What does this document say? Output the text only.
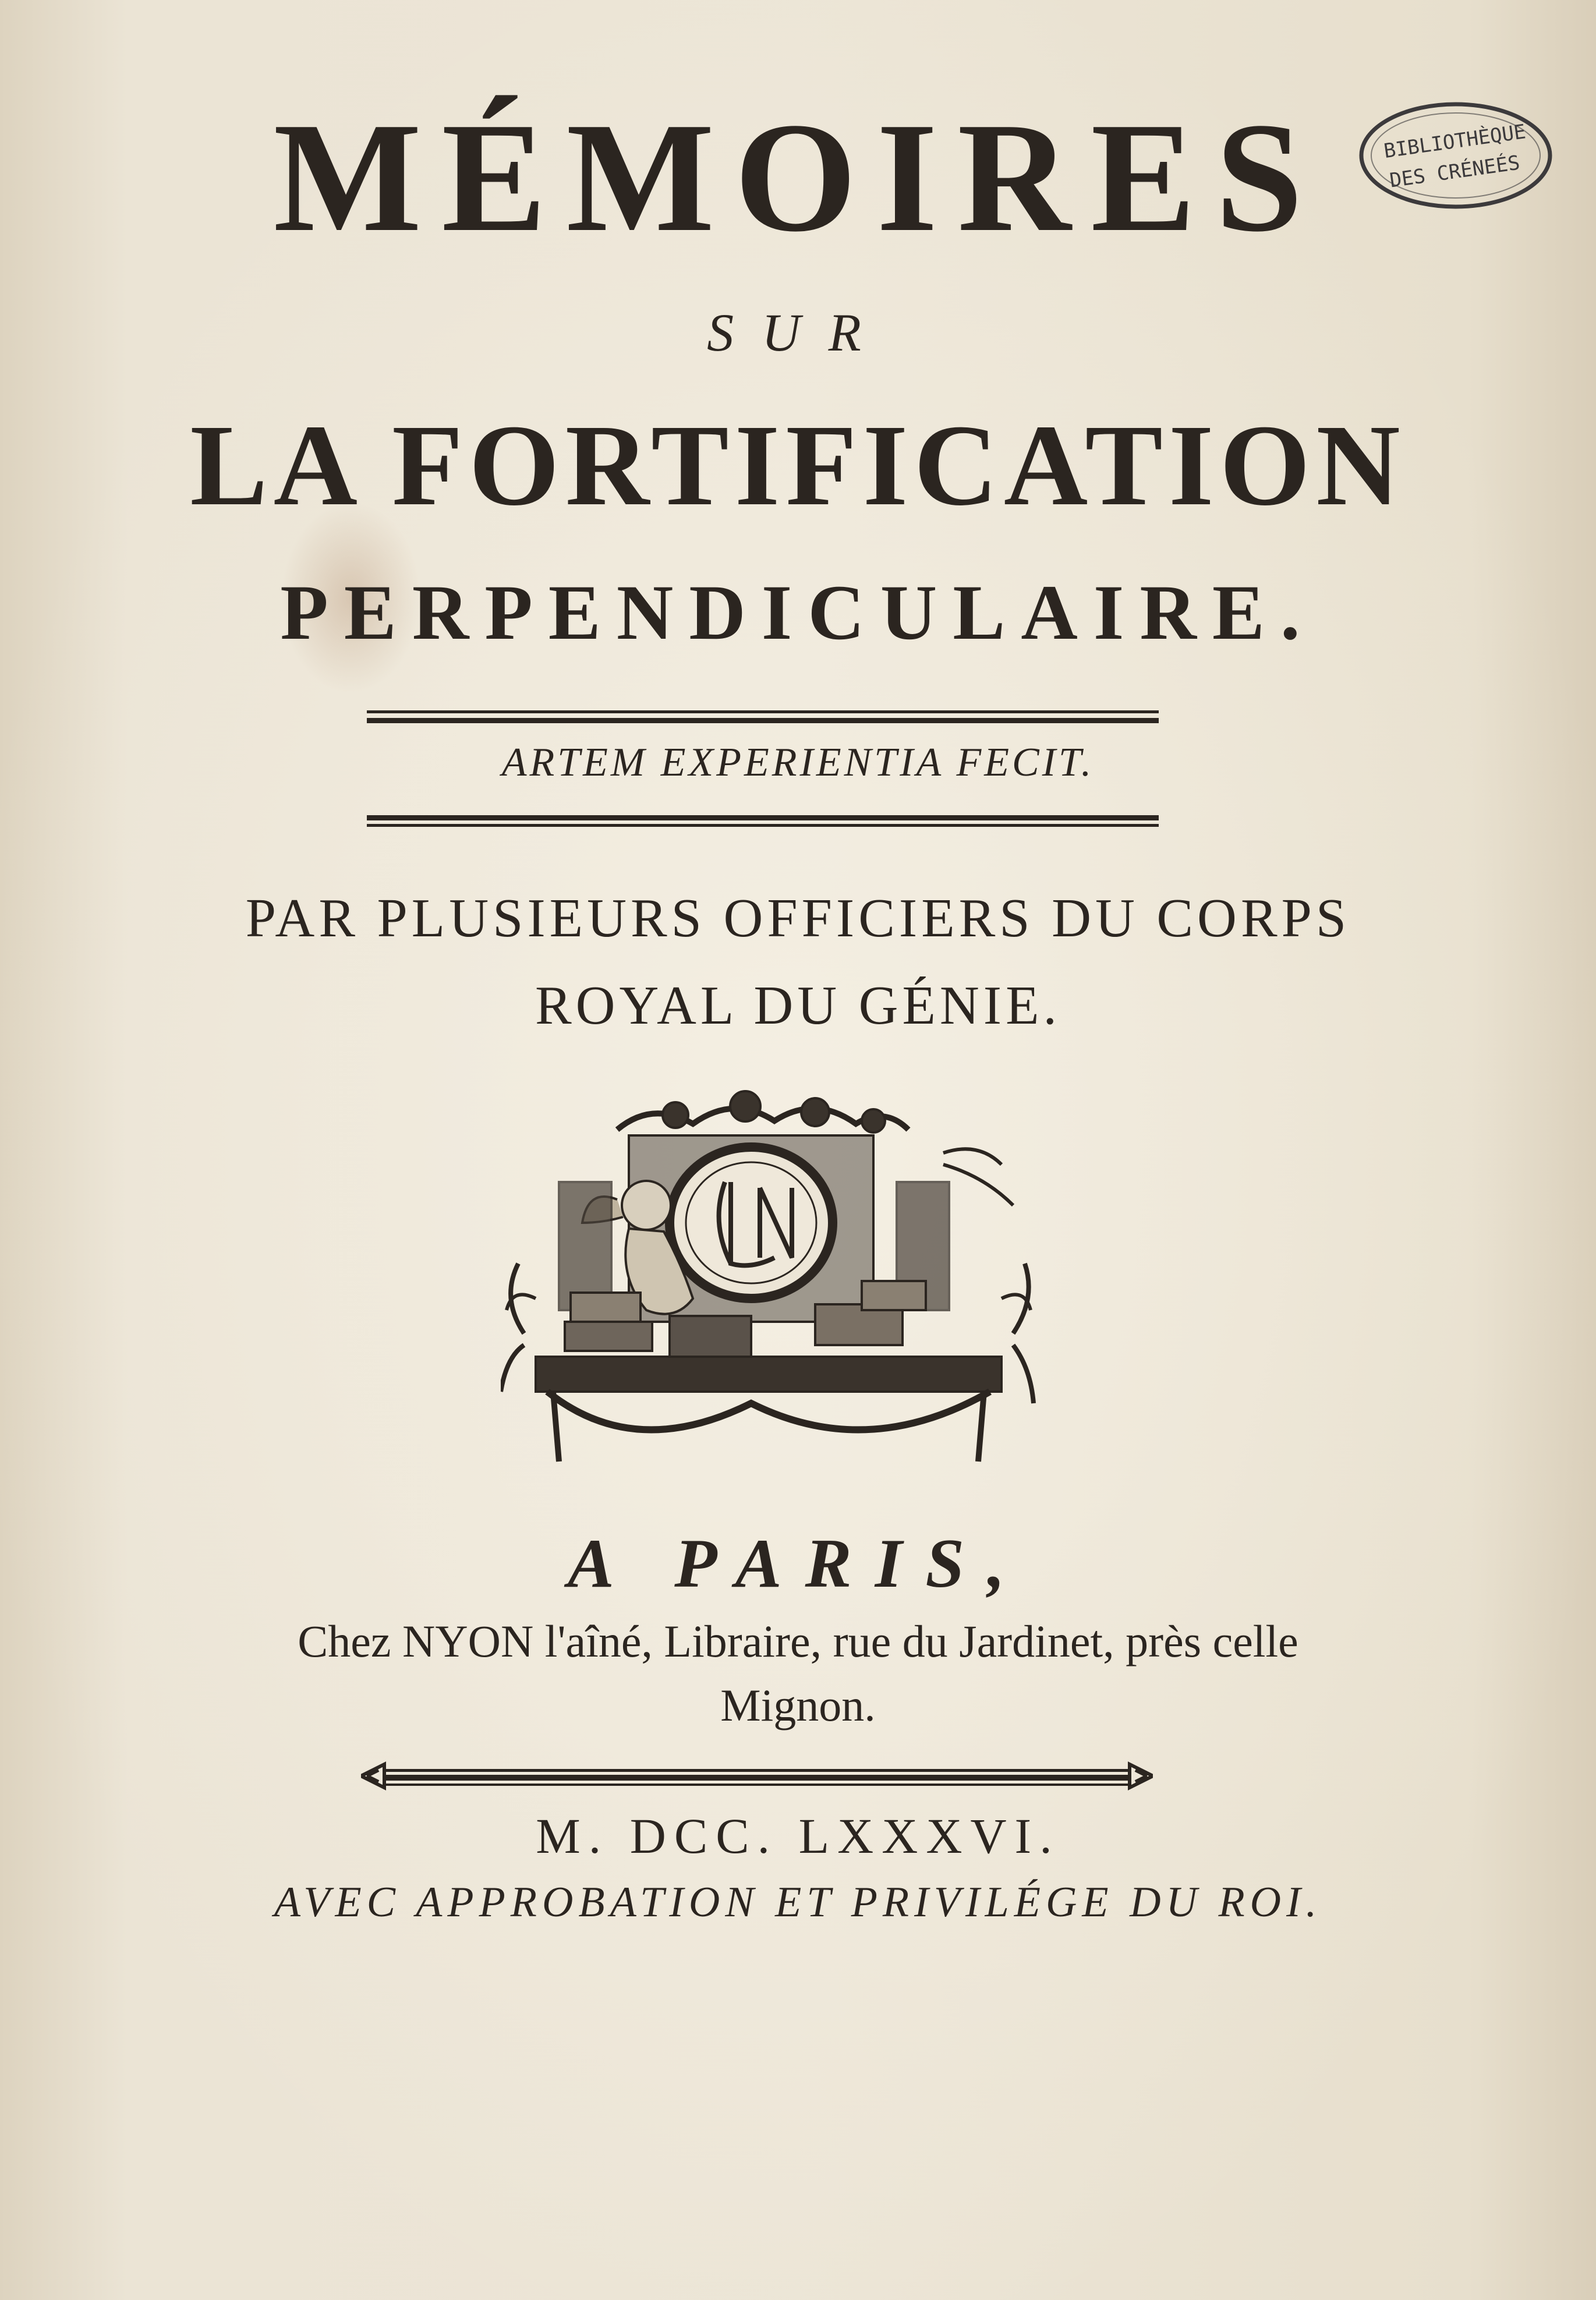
BIBLIOTHÈQUE
DES CRÉNEÉS
MÉMOIRES
SUR
LA FORTIFICATION
PERPENDICULAIRE.
ARTEM EXPERIENTIA FECIT.
PAR PLUSIEURS OFFICIERS DU CORPS
ROYAL DU GÉNIE.
A PARIS,
Chez NYON l'aîné, Libraire, rue du Jardinet, près celle
Mignon.
M. DCC. LXXXVI.
AVEC APPROBATION ET PRIVILÉGE DU ROI.
